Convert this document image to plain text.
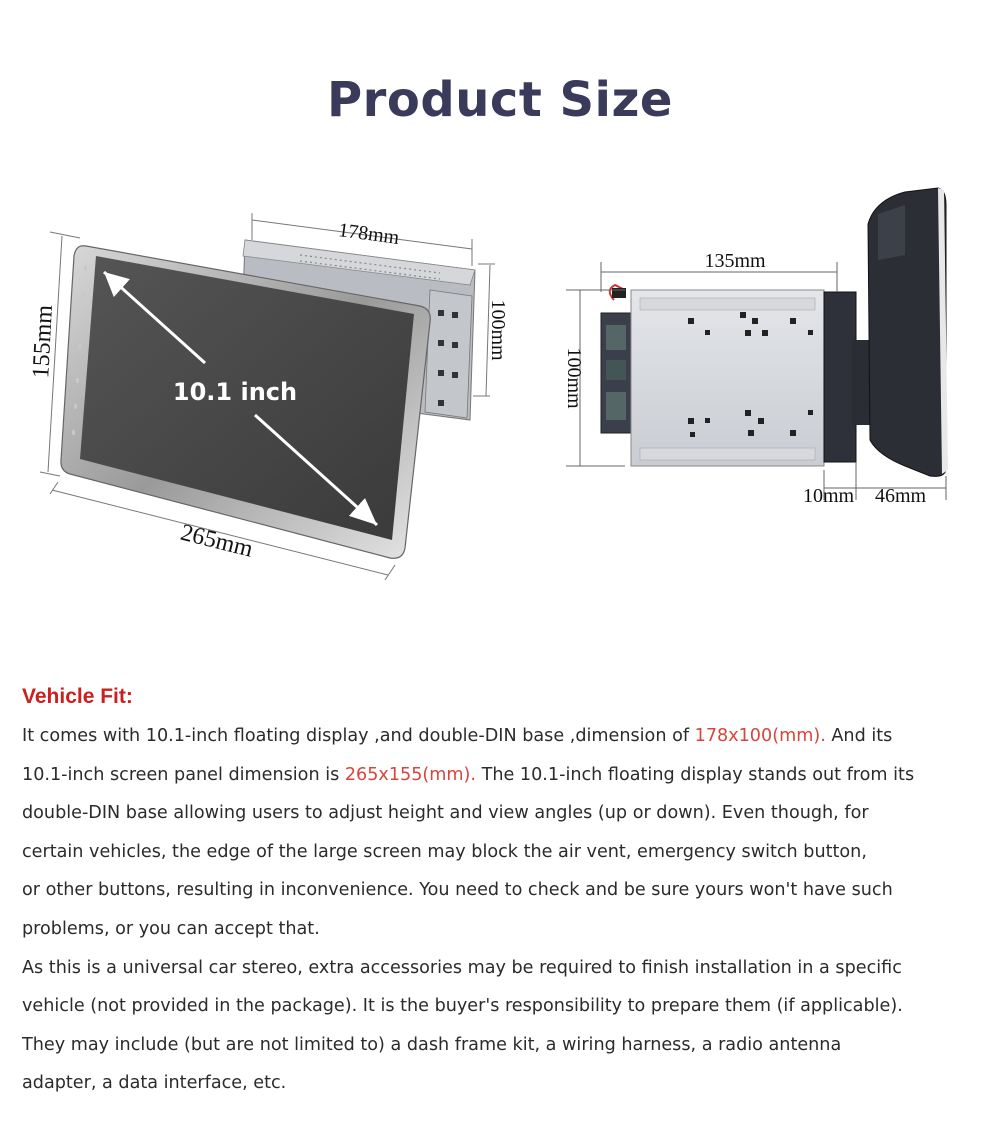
Product Size
10.1 inch
178mm
100mm
155mm
265mm
135mm
100mm
10mm 46mm
Vehicle Fit:

It comes with 10.1-inch floating display ,and double-DIN base ,dimension of 178x100(mm). And its

10.1-inch screen panel dimension is 265x155(mm). The 10.1-inch floating display stands out from its

double-DIN base allowing users to adjust height and view angles (up or down). Even though, for

certain vehicles, the edge of the large screen may block the air vent, emergency switch button,

or other buttons, resulting in inconvenience. You need to check and be sure yours won't have such

problems, or you can accept that.

As this is a universal car stereo, extra accessories may be required to finish installation in a specific

vehicle (not provided in the package). It is the buyer's responsibility to prepare them (if applicable).

They may include (but are not limited to) a dash frame kit, a wiring harness, a radio antenna

adapter, a data interface, etc.
